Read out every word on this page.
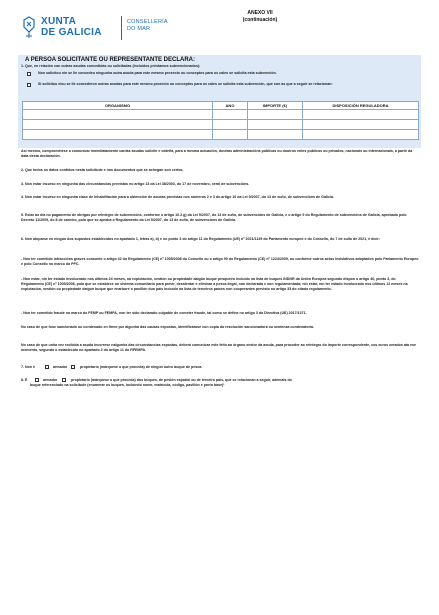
XUNTA
DE GALICIA
CONSELLERÍA
DO MAR
ANEXO VII
(continuación)
A PERSOA SOLICITANTE OU REPRESENTANTE DECLARA:
1. Que, en relación con outras axudas concedidas ou solicitadas (incluídos préstamos subvencionados):
Non solicitou nin se lle concedeu ningunha outra axuda para este mesmo proxecto ou conceptos para os cales se solicita esta subvención.
Si solicitou e/ou se lle concederon outras axudas para este mesmo proxecto ou conceptos para os cales se solicita esta subvención, que son as que a seguir se relacionan:
ORGANISMO	ANO	IMPORTE (€)	DISPOSICIÓN REGULADORA

Así mesmo, comprométese a comunicar inmediatamente cantas axudas solicite e obteña, para a mesma actuación, doutras administracións públicas ou doutros entes públicos ou privados, nacionais ou internacionais, a partir da data desta declaración.
2. Que todos os datos contidos nesta solicitude e nos documentos que se achegan son certos.
3. Non estar incurso en ningunha das circunstancias previstas no artigo 13 da Lei 38/2003, do 17 de novembro, xeral de subvencións.
4. Non estar incurso en ningunha clase de inhabilitación para a obtención de axudas previstas nos números 2 e 3 do artigo 10 da Lei 9/2007, do 13 de xuño, de subvencións de Galicia.
5. Estar ao día no pagamento de obrigas por reintegro de subvencións, conforme o artigo 10.2.g) da Lei 9/2007, do 13 de xuño, de subvencións de Galicia, e o artigo 9 do Regulamento de subvencións de Galicia, aprobado polo Decreto 11/2009, do 8 de xaneiro, polo que se aproba o Regulamento da Lei 9/2007, do 13 de xuño, de subvencións de Galicia.
6. Non atoparse en ningún dos supostos establecidos no apartado 1, letras a), b) e no punto 3 do artigo 11 do Regulamento (UE) nº 2021/1139 do Parlamento europeo e do Consello, do 7 de xullo de 2021, é dicir:
- Non ter cometido infraccións graves consonte o artigo 42 do Regulamento (CE) nº 1005/2008 do Consello ou o artigo 90 do Regulamento (CE) nº 1224/2009, ou conforme outros actos lexislativos adoptados polo Parlamento Europeo e polo Consello no marco da PPC.
- Non estar, nin ter estado involucrado nos últimos 24 meses, na explotación, xestión ou propiedade daígún buque pesqueiro incluído na lista de buques INDNR da Unión Europea segundo dispón o artigo 40, punto 3, do Regulamento (CE) nº 1005/2008, pola que se establece un sistema comunitario para previr, desalentar e eliminar a pesca ilegal, non declarada e non regulamentada; nin estar, nin ter estado involucrado nos últimos 12 meses na explotación, xestión ou propiedade daígún buque que enarbore o pavillón dun país incluído na lista de terceiros países non cooperantes previsto no artigo 33 do citado regulamento.
- Non ter cometido fraude no marco do FEMP ou FEMPA, non ter sido declarado culpable de cometer fraude, tal como se define no artigo 3 da Directiva (UE) 2017/1371.
No caso de que fose sancionado ou condenado en firme por algunha das causas expostas, identificarase cun copia da resolución sancionadora ou sentenza condenatoria.
No caso de que unha vez recibida a axuda incorrese nalgunha das circunstancias expostas, deberá comunicar este feito ao órgano xestor da axuda, para proceder ao reintegro do importe correspondente, cos xuros xerados ata ese momento, segundo o establecido no apartado 2 do artigo 11 do RFEMPA.
7. Non é	armador	propietario (márquese o que proceda) de ningún outro buque de pesca.
8. É	armador	propietario (márquese o que proceda) dos buques, de pesión español ou de terceiro país, que se relacionan a seguir, ademais do
buque referenciado na solicitude (enumerar os buques, incluíndo nome, matrícula, código, pavillón e porto base)¹
